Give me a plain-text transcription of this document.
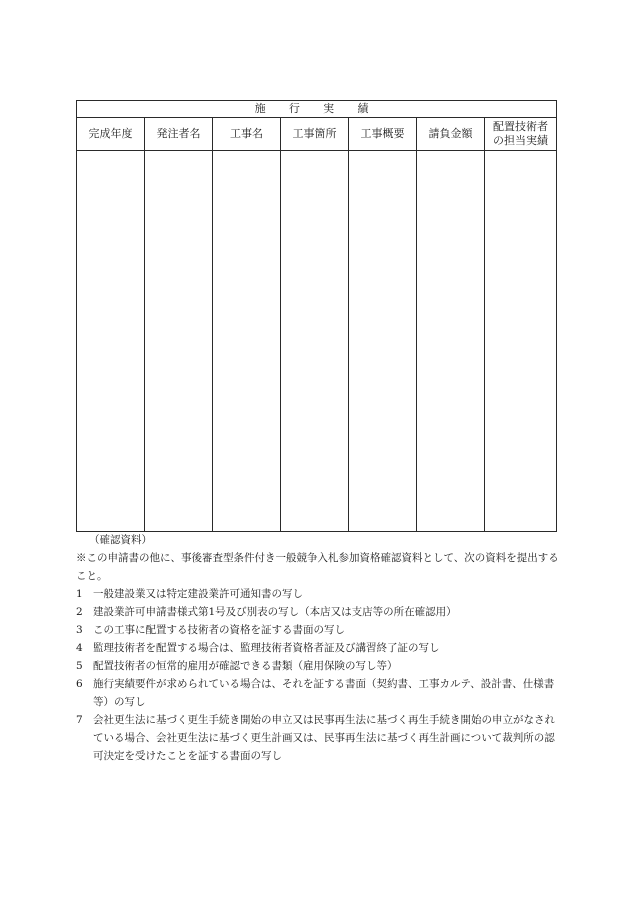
施 行 実 績						
完成年度	発注者名	工事名	工事箇所	工事概要	請負金額	配置技術者
の担当実績

（確認資料）
※この申請書の他に、事後審査型条件付き一般競争入札参加資格確認資料として、次の資料を提出すること。
1 一般建設業又は特定建設業許可通知書の写し
2 建設業許可申請書様式第1号及び別表の写し（本店又は支店等の所在確認用）
3 この工事に配置する技術者の資格を証する書面の写し
4 監理技術者を配置する場合は、監理技術者資格者証及び講習終了証の写し
5 配置技術者の恒常的雇用が確認できる書類（雇用保険の写し等）
6 施行実績要件が求められている場合は、それを証する書面（契約書、工事カルテ、設計書、仕様書等）の写し
7 会社更生法に基づく更生手続き開始の申立又は民事再生法に基づく再生手続き開始の申立がなされている場合、会社更生法に基づく更生計画又は、民事再生法に基づく再生計画について裁判所の認可決定を受けたことを証する書面の写し
